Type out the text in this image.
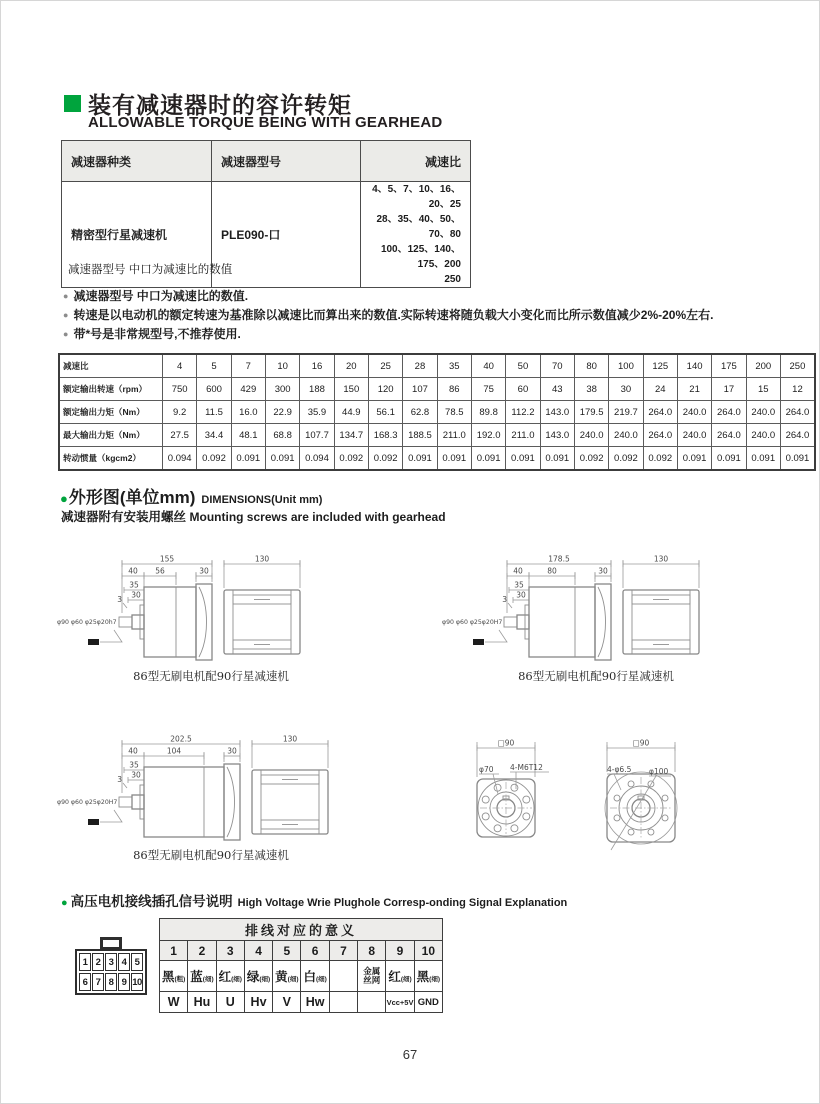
装有减速器时的容许转矩
ALLOWABLE TORQUE BEING WITH GEARHEAD
减速器种类	减速器型号	减速比
精密型行星减速机	PLE090-口	4、5、7、10、16、20、25
28、35、40、50、70、80
100、125、140、175、200
250
减速器型号 中口为减速比的数值
● 减速器型号 中口为减速比的数值.
● 转速是以电动机的额定转速为基准除以减速比而算出来的数值.实际转速将随负载大小变化而比所示数值减少2%-20%左右.
● 带*号是非常规型号,不推荐使用.
减速比	4	5	7	10	16	20	25	28	35	40	50	70	80	100	125	140	175	200	250
额定输出转速（rpm）	750	600	429	300	188	150	120	107	86	75	60	43	38	30	24	21	17	15	12
额定输出力矩（Nm）	9.2	11.5	16.0	22.9	35.9	44.9	56.1	62.8	78.5	89.8	112.2	143.0	179.5	219.7	264.0	240.0	264.0	240.0	264.0
最大输出力矩（Nm）	27.5	34.4	48.1	68.8	107.7	134.7	168.3	188.5	211.0	192.0	211.0	143.0	240.0	240.0	264.0	240.0	264.0	240.0	264.0
转动惯量（kgcm2）	0.094	0.092	0.091	0.091	0.094	0.092	0.092	0.091	0.091	0.091	0.091	0.091	0.092	0.092	0.092	0.091	0.091	0.091	0.091
● 外形图(单位mm) DIMENSIONS(Unit mm)
减速器附有安装用螺丝 Mounting screws are included with gearhead
155	130
40 56	30
35
30
3
φ90 φ60 φ25φ20h7
178.5	130
40	80	30
35
30
3
φ90 φ60 φ25φ20H7
202.5	130
40	104	30
35
30
3
φ90 φ60 φ25φ20H7
□90
φ70 4-M6T12
□90
4-φ6.5 φ100
86型无刷电机配90行星减速机	86型无刷电机配90行星减速机
86型无刷电机配90行星减速机
● 高压电机接线插孔信号说明 High Voltage Wrie Plughole Corresp-onding Signal Explanation
1 2 3 4 5
6 7 8 9 10
排线对应的意义									
1	2	3	4	5	6	7	8	9	10
黑(粗)	蓝(细)	红(细)	绿(细)	黄(细)	白(细)		金属丝网	红(细)	黑(细)
W	Hu	U	Hv	V	Hw			Vcc+5V	GND
67
